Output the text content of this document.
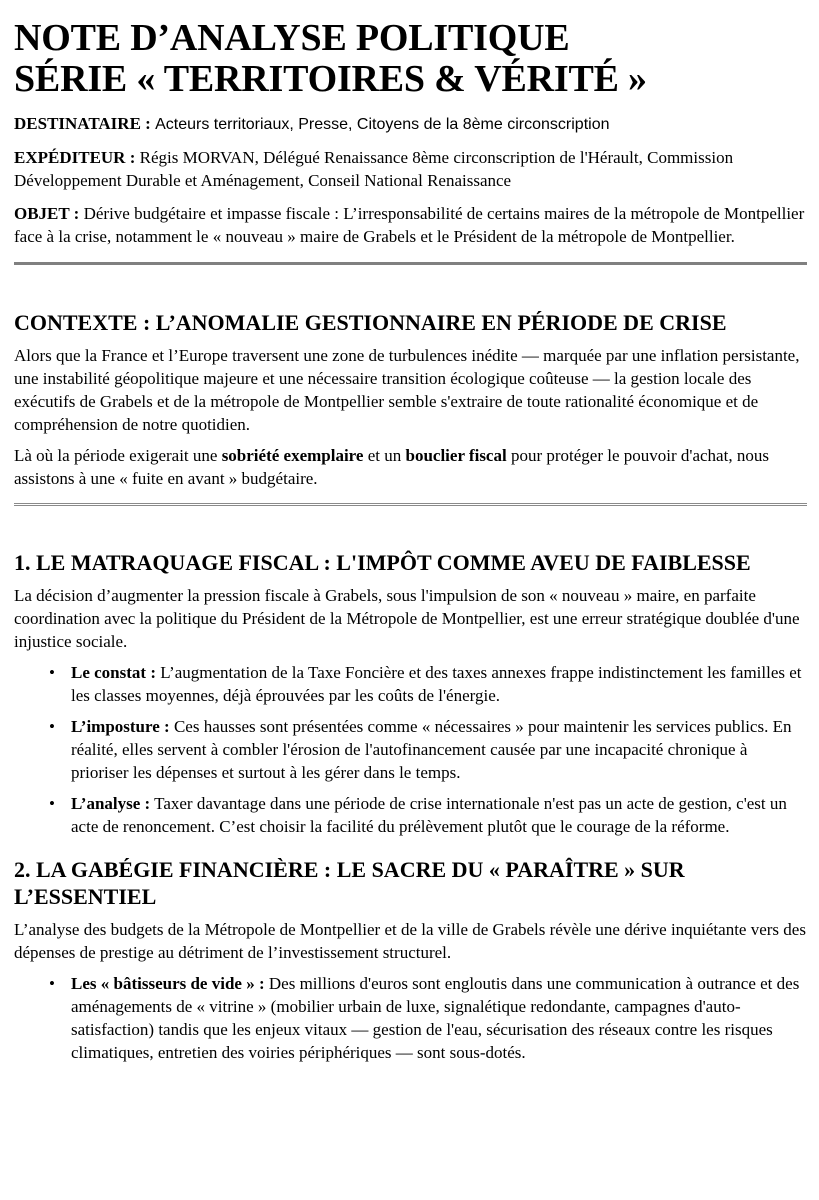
NOTE D’ANALYSE POLITIQUE
SÉRIE « TERRITOIRES & VÉRITÉ »

DESTINATAIRE : Acteurs territoriaux, Presse, Citoyens de la 8ème circonscription

EXPÉDITEUR : Régis MORVAN, Délégué Renaissance 8ème circonscription de l'Hérault, Commission Développement Durable et Aménagement, Conseil National Renaissance

OBJET : Dérive budgétaire et impasse fiscale : L’irresponsabilité de certains maires de la métropole de Montpellier face à la crise, notamment le « nouveau » maire de Grabels et le Président de la métropole de Montpellier.

CONTEXTE : L’ANOMALIE GESTIONNAIRE EN PÉRIODE DE CRISE

Alors que la France et l’Europe traversent une zone de turbulences inédite — marquée par une inflation persistante, une instabilité géopolitique majeure et une nécessaire transition écologique coûteuse — la gestion locale des exécutifs de Grabels et de la métropole de Montpellier semble s'extraire de toute rationalité économique et de compréhension de notre quotidien.

Là où la période exigerait une sobriété exemplaire et un bouclier fiscal pour protéger le pouvoir d'achat, nous assistons à une « fuite en avant » budgétaire.

1. LE MATRAQUAGE FISCAL : L'IMPÔT COMME AVEU DE FAIBLESSE

La décision d’augmenter la pression fiscale à Grabels, sous l'impulsion de son « nouveau » maire, en parfaite coordination avec la politique du Président de la Métropole de Montpellier, est une erreur stratégique doublée d'une injustice sociale.

• Le constat : L’augmentation de la Taxe Foncière et des taxes annexes frappe indistinctement les familles et les classes moyennes, déjà éprouvées par les coûts de l'énergie.
• L’imposture : Ces hausses sont présentées comme « nécessaires » pour maintenir les services publics. En réalité, elles servent à combler l'érosion de l'autofinancement causée par une incapacité chronique à prioriser les dépenses et surtout à les gérer dans le temps.
• L’analyse : Taxer davantage dans une période de crise internationale n'est pas un acte de gestion, c'est un acte de renoncement. C’est choisir la facilité du prélèvement plutôt que le courage de la réforme.
2. LA GABÉGIE FINANCIÈRE : LE SACRE DU « PARAÎTRE » SUR L’ESSENTIEL

L’analyse des budgets de la Métropole de Montpellier et de la ville de Grabels révèle une dérive inquiétante vers des dépenses de prestige au détriment de l’investissement structurel.

• Les « bâtisseurs de vide » : Des millions d'euros sont engloutis dans une communication à outrance et des aménagements de « vitrine » (mobilier urbain de luxe, signalétique redondante, campagnes d'auto-satisfaction) tandis que les enjeux vitaux — gestion de l'eau, sécurisation des réseaux contre les risques climatiques, entretien des voiries périphériques — sont sous-dotés.
